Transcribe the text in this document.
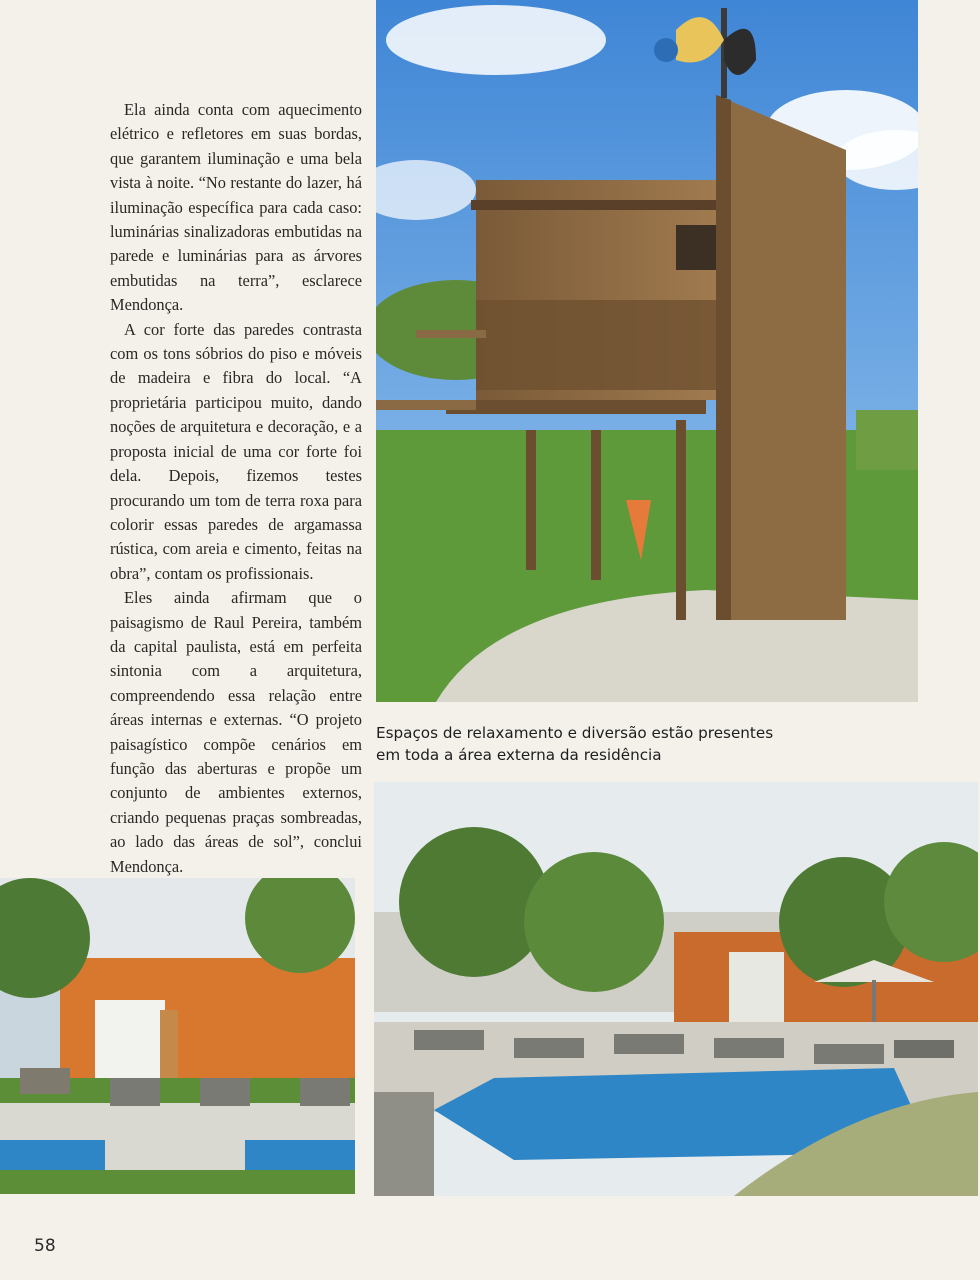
Ela ainda conta com aquecimento elétrico e refletores em suas bordas, que garantem iluminação e uma bela vista à noite. “No restante do lazer, há iluminação específica para cada caso: luminárias sinalizadoras embutidas na parede e luminárias para as árvores embutidas na terra”, esclarece Mendonça.

A cor forte das paredes contrasta com os tons sóbrios do piso e móveis de madeira e fibra do local. “A proprietária participou muito, dando noções de arquitetura e decoração, e a proposta inicial de uma cor forte foi dela. Depois, fizemos testes procurando um tom de terra roxa para colorir essas paredes de argamassa rústica, com areia e cimento, feitas na obra”, contam os profissionais.

Eles ainda afirmam que o paisagismo de Raul Pereira, também da capital paulista, está em perfeita sintonia com a arquitetura, compreendendo essa relação entre áreas internas e externas. “O projeto paisagístico compõe cenários em função das aberturas e propõe um conjunto de ambientes externos, criando pequenas praças sombreadas, ao lado das áreas de sol”, conclui Mendonça.

Espaços de relaxamento e diversão estão presentes
em toda a área externa da residência
58
